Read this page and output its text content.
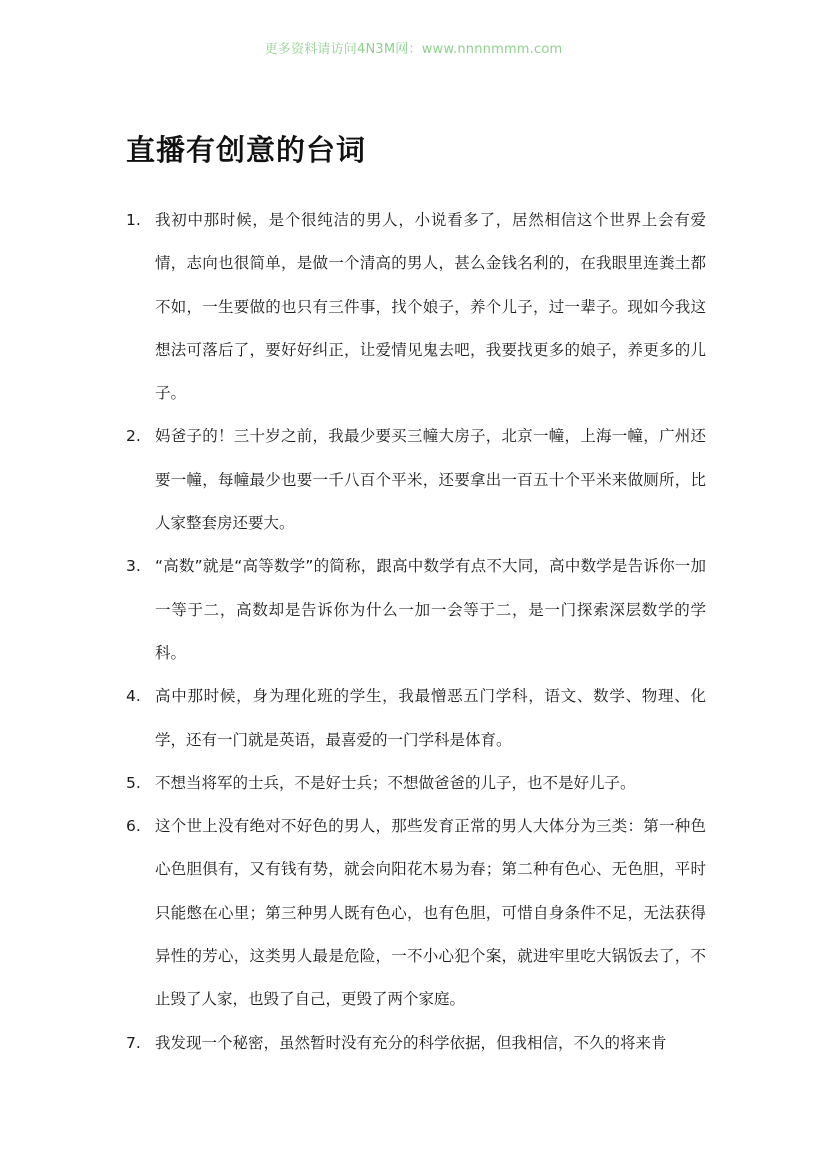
更多资料请访问4N3M网：www.nnnnmmm.com
直播有创意的台词
1. 我初中那时候，是个很纯洁的男人，小说看多了，居然相信这个世界上会有爱情，志向也很简单，是做一个清高的男人，甚么金钱名利的，在我眼里连粪土都不如，一生要做的也只有三件事，找个娘子，养个儿子，过一辈子。现如今我这想法可落后了，要好好纠正，让爱情见鬼去吧，我要找更多的娘子，养更多的儿子。
2. 妈爸子的！三十岁之前，我最少要买三幢大房子，北京一幢，上海一幢，广州还要一幢，每幢最少也要一千八百个平米，还要拿出一百五十个平米来做厕所，比人家整套房还要大。
3. “高数”就是“高等数学”的简称，跟高中数学有点不大同，高中数学是告诉你一加一等于二，高数却是告诉你为什么一加一会等于二，是一门探索深层数学的学科。
4. 高中那时候，身为理化班的学生，我最憎恶五门学科，语文、数学、物理、化学，还有一门就是英语，最喜爱的一门学科是体育。
5. 不想当将军的士兵，不是好士兵；不想做爸爸的儿子，也不是好儿子。
6. 这个世上没有绝对不好色的男人，那些发育正常的男人大体分为三类：第一种色心色胆俱有，又有钱有势，就会向阳花木易为春；第二种有色心、无色胆，平时只能憋在心里；第三种男人既有色心，也有色胆，可惜自身条件不足，无法获得异性的芳心，这类男人最是危险，一不小心犯个案，就进牢里吃大锅饭去了，不止毁了人家，也毁了自己，更毁了两个家庭。
7. 我发现一个秘密，虽然暂时没有充分的科学依据，但我相信，不久的将来肯
